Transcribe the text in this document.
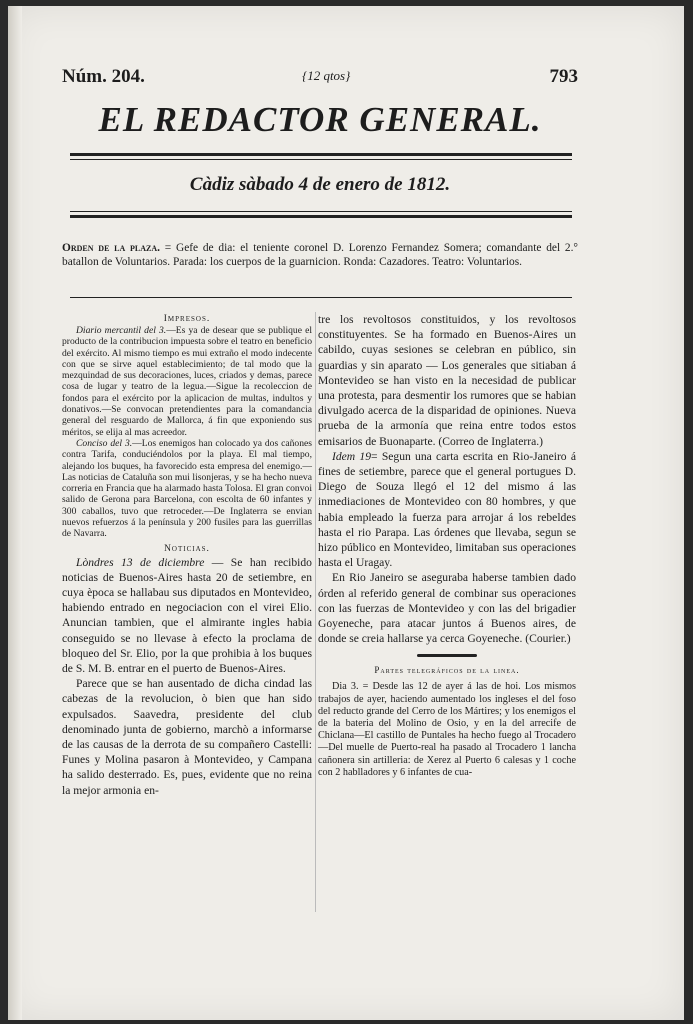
Núm. 204.	{12 qtos}	793
EL REDACTOR GENERAL.
Càdiz sàbado 4 de enero de 1812.
Orden de la plaza. = Gefe de dia: el teniente coronel D. Lorenzo Fernandez Somera; comandante del 2.° batallon de Voluntarios. Parada: los cuerpos de la guarnicion. Ronda: Cazadores. Teatro: Voluntarios.
Impresos.

Diario mercantil del 3.—Es ya de desear que se publique el producto de la contribucion impuesta sobre el teatro en beneficio del exército. Al mismo tiempo es mui extraño el modo indecente con que se sirve aquel establecimiento; de tal modo que la mezquindad de sus decoraciones, luces, criados y demas, parece cosa de lugar y teatro de la legua.—Sigue la recoleccion de fondos para el exército por la aplicacion de multas, indultos y donativos.—Se convocan pretendientes para la comandancia general del resguardo de Mallorca, á fin que exponiendo sus méritos, se elija al mas acreedor.

Conciso del 3.—Los enemigos han colocado ya dos cañones contra Tarifa, conduciéndolos por la playa. El mal tiempo, alejando los buques, ha favorecido esta empresa del enemigo.—Las noticias de Cataluña son mui lisonjeras, y se ha hecho nueva correria en Francia que ha alarmado hasta Tolosa. El gran convoi salido de Gerona para Barcelona, con escolta de 60 infantes y 300 caballos, tuvo que retroceder.—De Inglaterra se envian nuevos refuerzos á la península y 200 fusiles para las guerrillas de Navarra.

Noticias.

Lòndres 13 de diciembre — Se han recibido noticias de Buenos-Aires hasta 20 de setiembre, en cuya època se hallabau sus diputados en Montevideo, habiendo entrado en negociacion con el virei Elio. Anuncian tambien, que el almirante ingles habia conseguido se no llevase à efecto la proclama de bloqueo del Sr. Elio, por la que prohibia à los buques de S. M. B. entrar en el puerto de Buenos-Aires.

Parece que se han ausentado de dicha cindad las cabezas de la revolucion, ò bien que han sido expulsados. Saavedra, presidente del club denominado junta de gobierno, marchò a informarse de las causas de la derrota de su compañero Castelli: Funes y Molina pasaron à Montevideo, y Campana ha salido desterrado. Es, pues, evidente que no reina la mejor armonia en-

tre los revoltosos constituidos, y los revoltosos constituyentes. Se ha formado en Buenos-Aires un cabildo, cuyas sesiones se celebran en público, sin guardias y sin aparato — Los generales que sitiaban á Montevideo se han visto en la necesidad de publicar una protesta, para desmentir los rumores que se habian divulgado acerca de la disparidad de opiniones. Nueva prueba de la armonía que reina entre todos estos emisarios de Buonaparte. (Correo de Inglaterra.)

Idem 19= Segun una carta escrita en Rio-Janeiro á fines de setiembre, parece que el general portugues D. Diego de Souza llegó el 12 del mismo á las inmediaciones de Montevideo con 80 hombres, y que habia empleado la fuerza para arrojar á los rebeldes hasta el rio Parapa. Las órdenes que llevaba, segun se hizo público en Montevideo, limitaban sus operaciones hasta el Uragay.

En Rio Janeiro se aseguraba haberse tambien dado órden al referido general de combinar sus operaciones con las fuerzas de Montevideo y con las del brigadier Goyeneche, para atacar juntos á Buenos aires, de donde se creia hallarse ya cerca Goyeneche. (Courier.)

Partes telegráficos de la linea.

Dia 3. = Desde las 12 de ayer á las de hoi. Los mismos trabajos de ayer, haciendo aumentado los ingleses el del foso del reducto grande del Cerro de los Mártires; y los enemigos el de la bateria del Molino de Osio, y en la del arrecife de Chiclana—El castillo de Puntales ha hecho fuego al Trocadero—Del muelle de Puerto-real ha pasado al Trocadero 1 lancha cañonera sin artilleria: de Xerez al Puerto 6 calesas y 1 coche con 2 hablladores y 6 infantes de cua-
